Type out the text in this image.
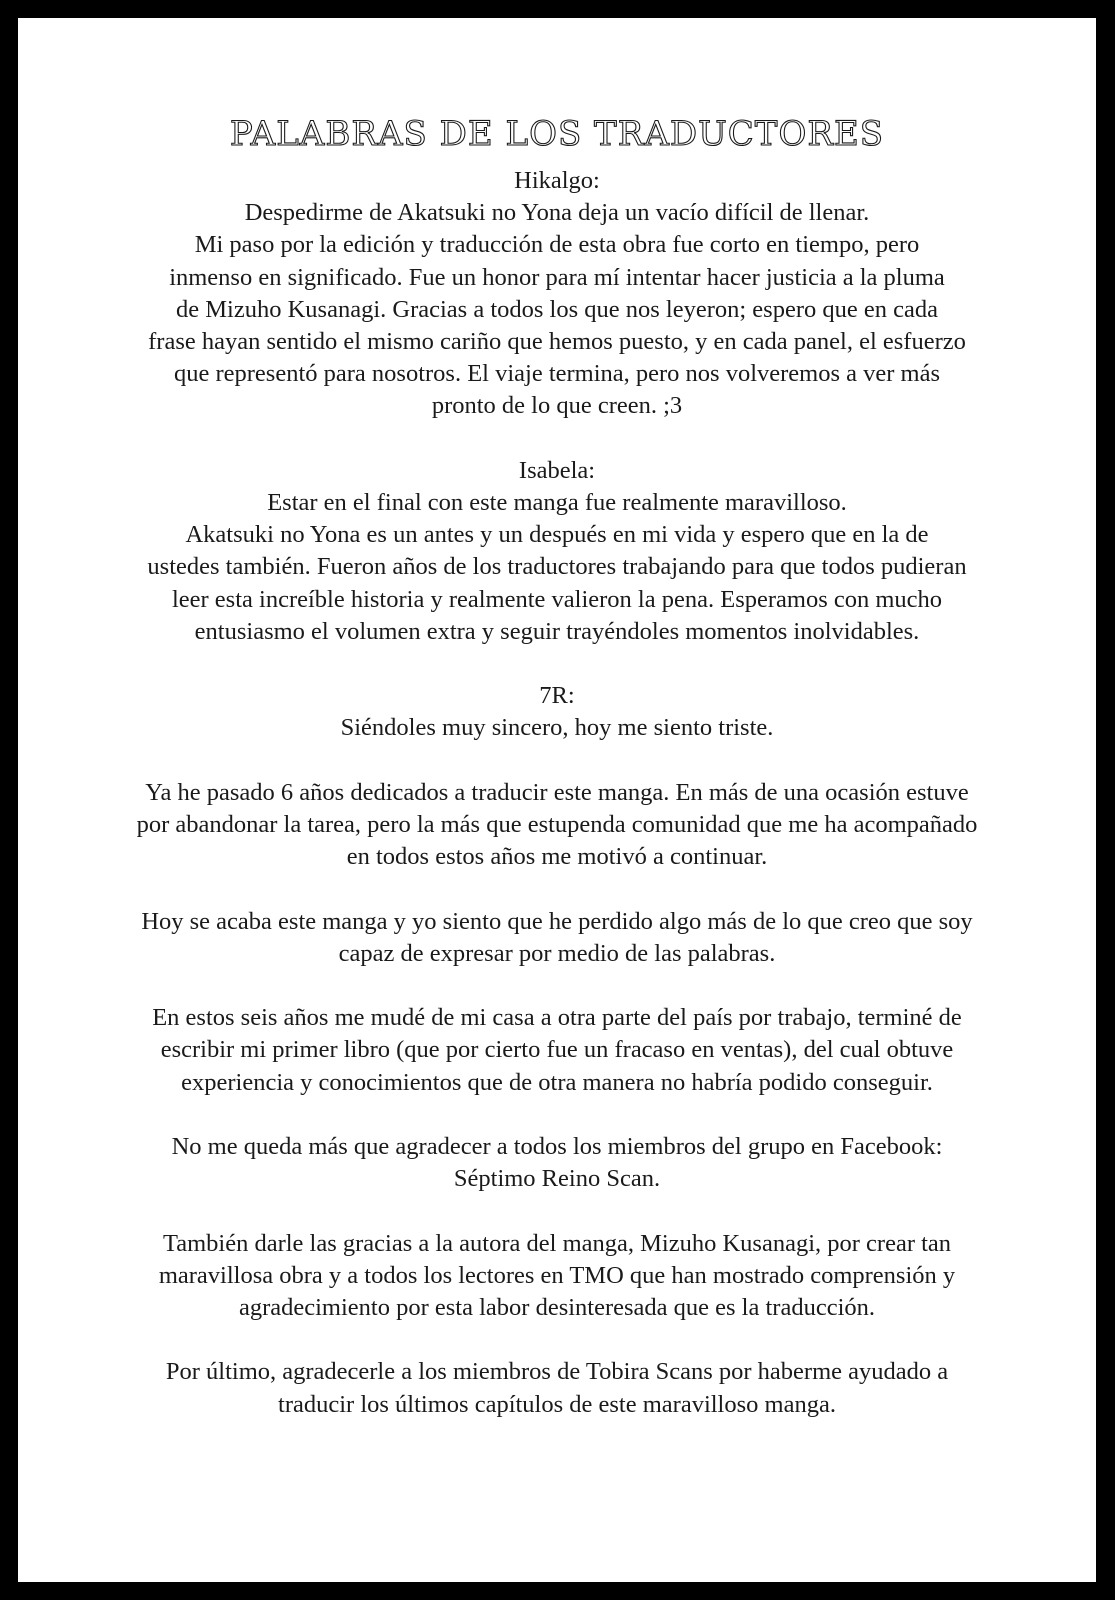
PALABRAS DE LOS TRADUCTORES
Hikalgo:
Despedirme de Akatsuki no Yona deja un vacío difícil de llenar.
Mi paso por la edición y traducción de esta obra fue corto en tiempo, pero
inmenso en significado. Fue un honor para mí intentar hacer justicia a la pluma
de Mizuho Kusanagi. Gracias a todos los que nos leyeron; espero que en cada
frase hayan sentido el mismo cariño que hemos puesto, y en cada panel, el esfuerzo
que representó para nosotros. El viaje termina, pero nos volveremos a ver más
pronto de lo que creen. ;3
Isabela:
Estar en el final con este manga fue realmente maravilloso.
Akatsuki no Yona es un antes y un después en mi vida y espero que en la de
ustedes también. Fueron años de los traductores trabajando para que todos pudieran
leer esta increíble historia y realmente valieron la pena. Esperamos con mucho
entusiasmo el volumen extra y seguir trayéndoles momentos inolvidables.
7R:
Siéndoles muy sincero, hoy me siento triste.
Ya he pasado 6 años dedicados a traducir este manga. En más de una ocasión estuve
por abandonar la tarea, pero la más que estupenda comunidad que me ha acompañado
en todos estos años me motivó a continuar.
Hoy se acaba este manga y yo siento que he perdido algo más de lo que creo que soy
capaz de expresar por medio de las palabras.
En estos seis años me mudé de mi casa a otra parte del país por trabajo, terminé de
escribir mi primer libro (que por cierto fue un fracaso en ventas), del cual obtuve
experiencia y conocimientos que de otra manera no habría podido conseguir.
No me queda más que agradecer a todos los miembros del grupo en Facebook:
Séptimo Reino Scan.
También darle las gracias a la autora del manga, Mizuho Kusanagi, por crear tan
maravillosa obra y a todos los lectores en TMO que han mostrado comprensión y
agradecimiento por esta labor desinteresada que es la traducción.
Por último, agradecerle a los miembros de Tobira Scans por haberme ayudado a
traducir los últimos capítulos de este maravilloso manga.
